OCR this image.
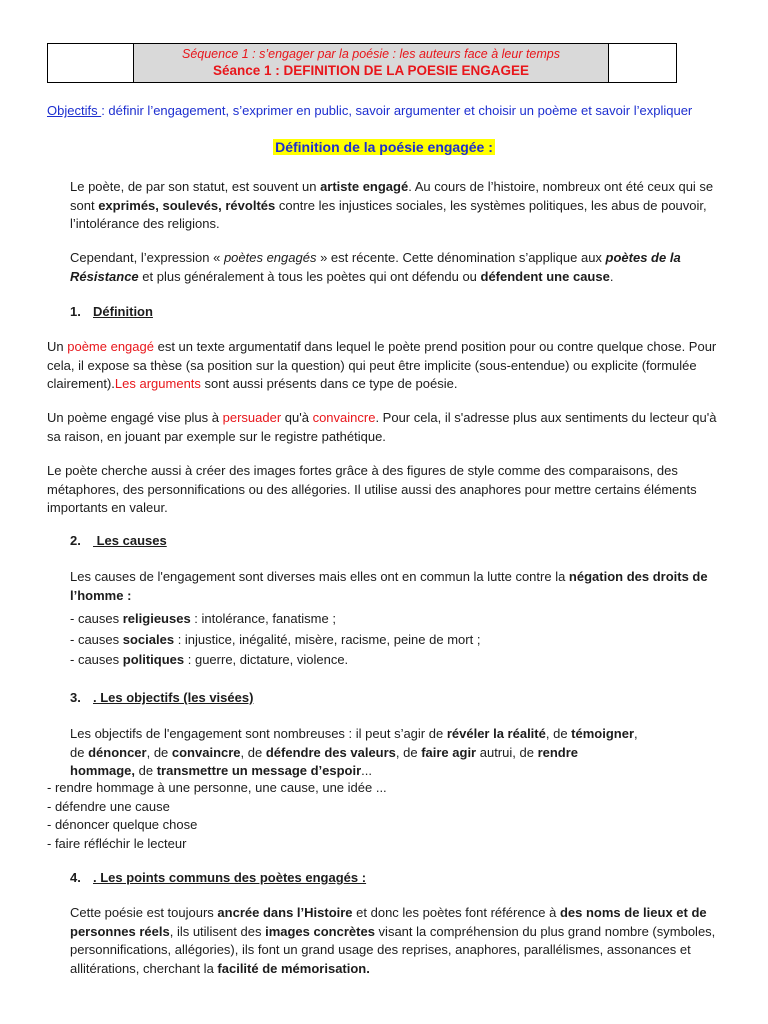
Séquence 1 : s’engager par la poésie : les auteurs face à leur temps
Séance 1 : DEFINITION DE LA POESIE ENGAGEE
Objectifs : définir l’engagement, s’exprimer en public, savoir argumenter et choisir un poème et savoir l’expliquer
Définition de la poésie engagée :
Le poète, de par son statut, est souvent un artiste engagé. Au cours de l’histoire, nombreux ont été ceux qui se sont exprimés, soulevés, révoltés contre les injustices sociales, les systèmes politiques, les abus de pouvoir, l’intolérance des religions.
Cependant, l’expression « poètes engagés » est récente. Cette dénomination s’applique aux poètes de la Résistance et plus généralement à tous les poètes qui ont défendu ou défendent une cause.
1. Définition
Un poème engagé est un texte argumentatif dans lequel le poète prend position pour ou contre quelque chose. Pour cela, il expose sa thèse (sa position sur la question) qui peut être implicite (sous-entendue) ou explicite (formulée clairement).Les arguments sont aussi présents dans ce type de poésie.
Un poème engagé vise plus à persuader qu'à convaincre. Pour cela, il s'adresse plus aux sentiments du lecteur qu'à sa raison, en jouant par exemple sur le registre pathétique.
Le poète cherche aussi à créer des images fortes grâce à des figures de style comme des comparaisons, des métaphores, des personnifications ou des allégories. Il utilise aussi des anaphores pour mettre certains éléments importants en valeur.
2. Les causes
Les causes de l'engagement sont diverses mais elles ont en commun la lutte contre la négation des droits de l’homme :
- causes religieuses : intolérance, fanatisme ;
- causes sociales : injustice, inégalité, misère, racisme, peine de mort ;
- causes politiques : guerre, dictature, violence.
3. . Les objectifs (les visées)
Les objectifs de l'engagement sont nombreuses : il peut s’agir de révéler la réalité, de témoigner,
de dénoncer, de convaincre, de défendre des valeurs, de faire agir autrui, de rendre
hommage, de transmettre un message d’espoir...
- rendre hommage à une personne, une cause, une idée ...
- défendre une cause
- dénoncer quelque chose
- faire réfléchir le lecteur
4. . Les points communs des poètes engagés :
Cette poésie est toujours ancrée dans l’Histoire et donc les poètes font référence à des noms de lieux et de personnes réels, ils utilisent des images concrètes visant la compréhension du plus grand nombre (symboles, personnifications, allégories), ils font un grand usage des reprises, anaphores, parallélismes, assonances et allitérations, cherchant la facilité de mémorisation.
